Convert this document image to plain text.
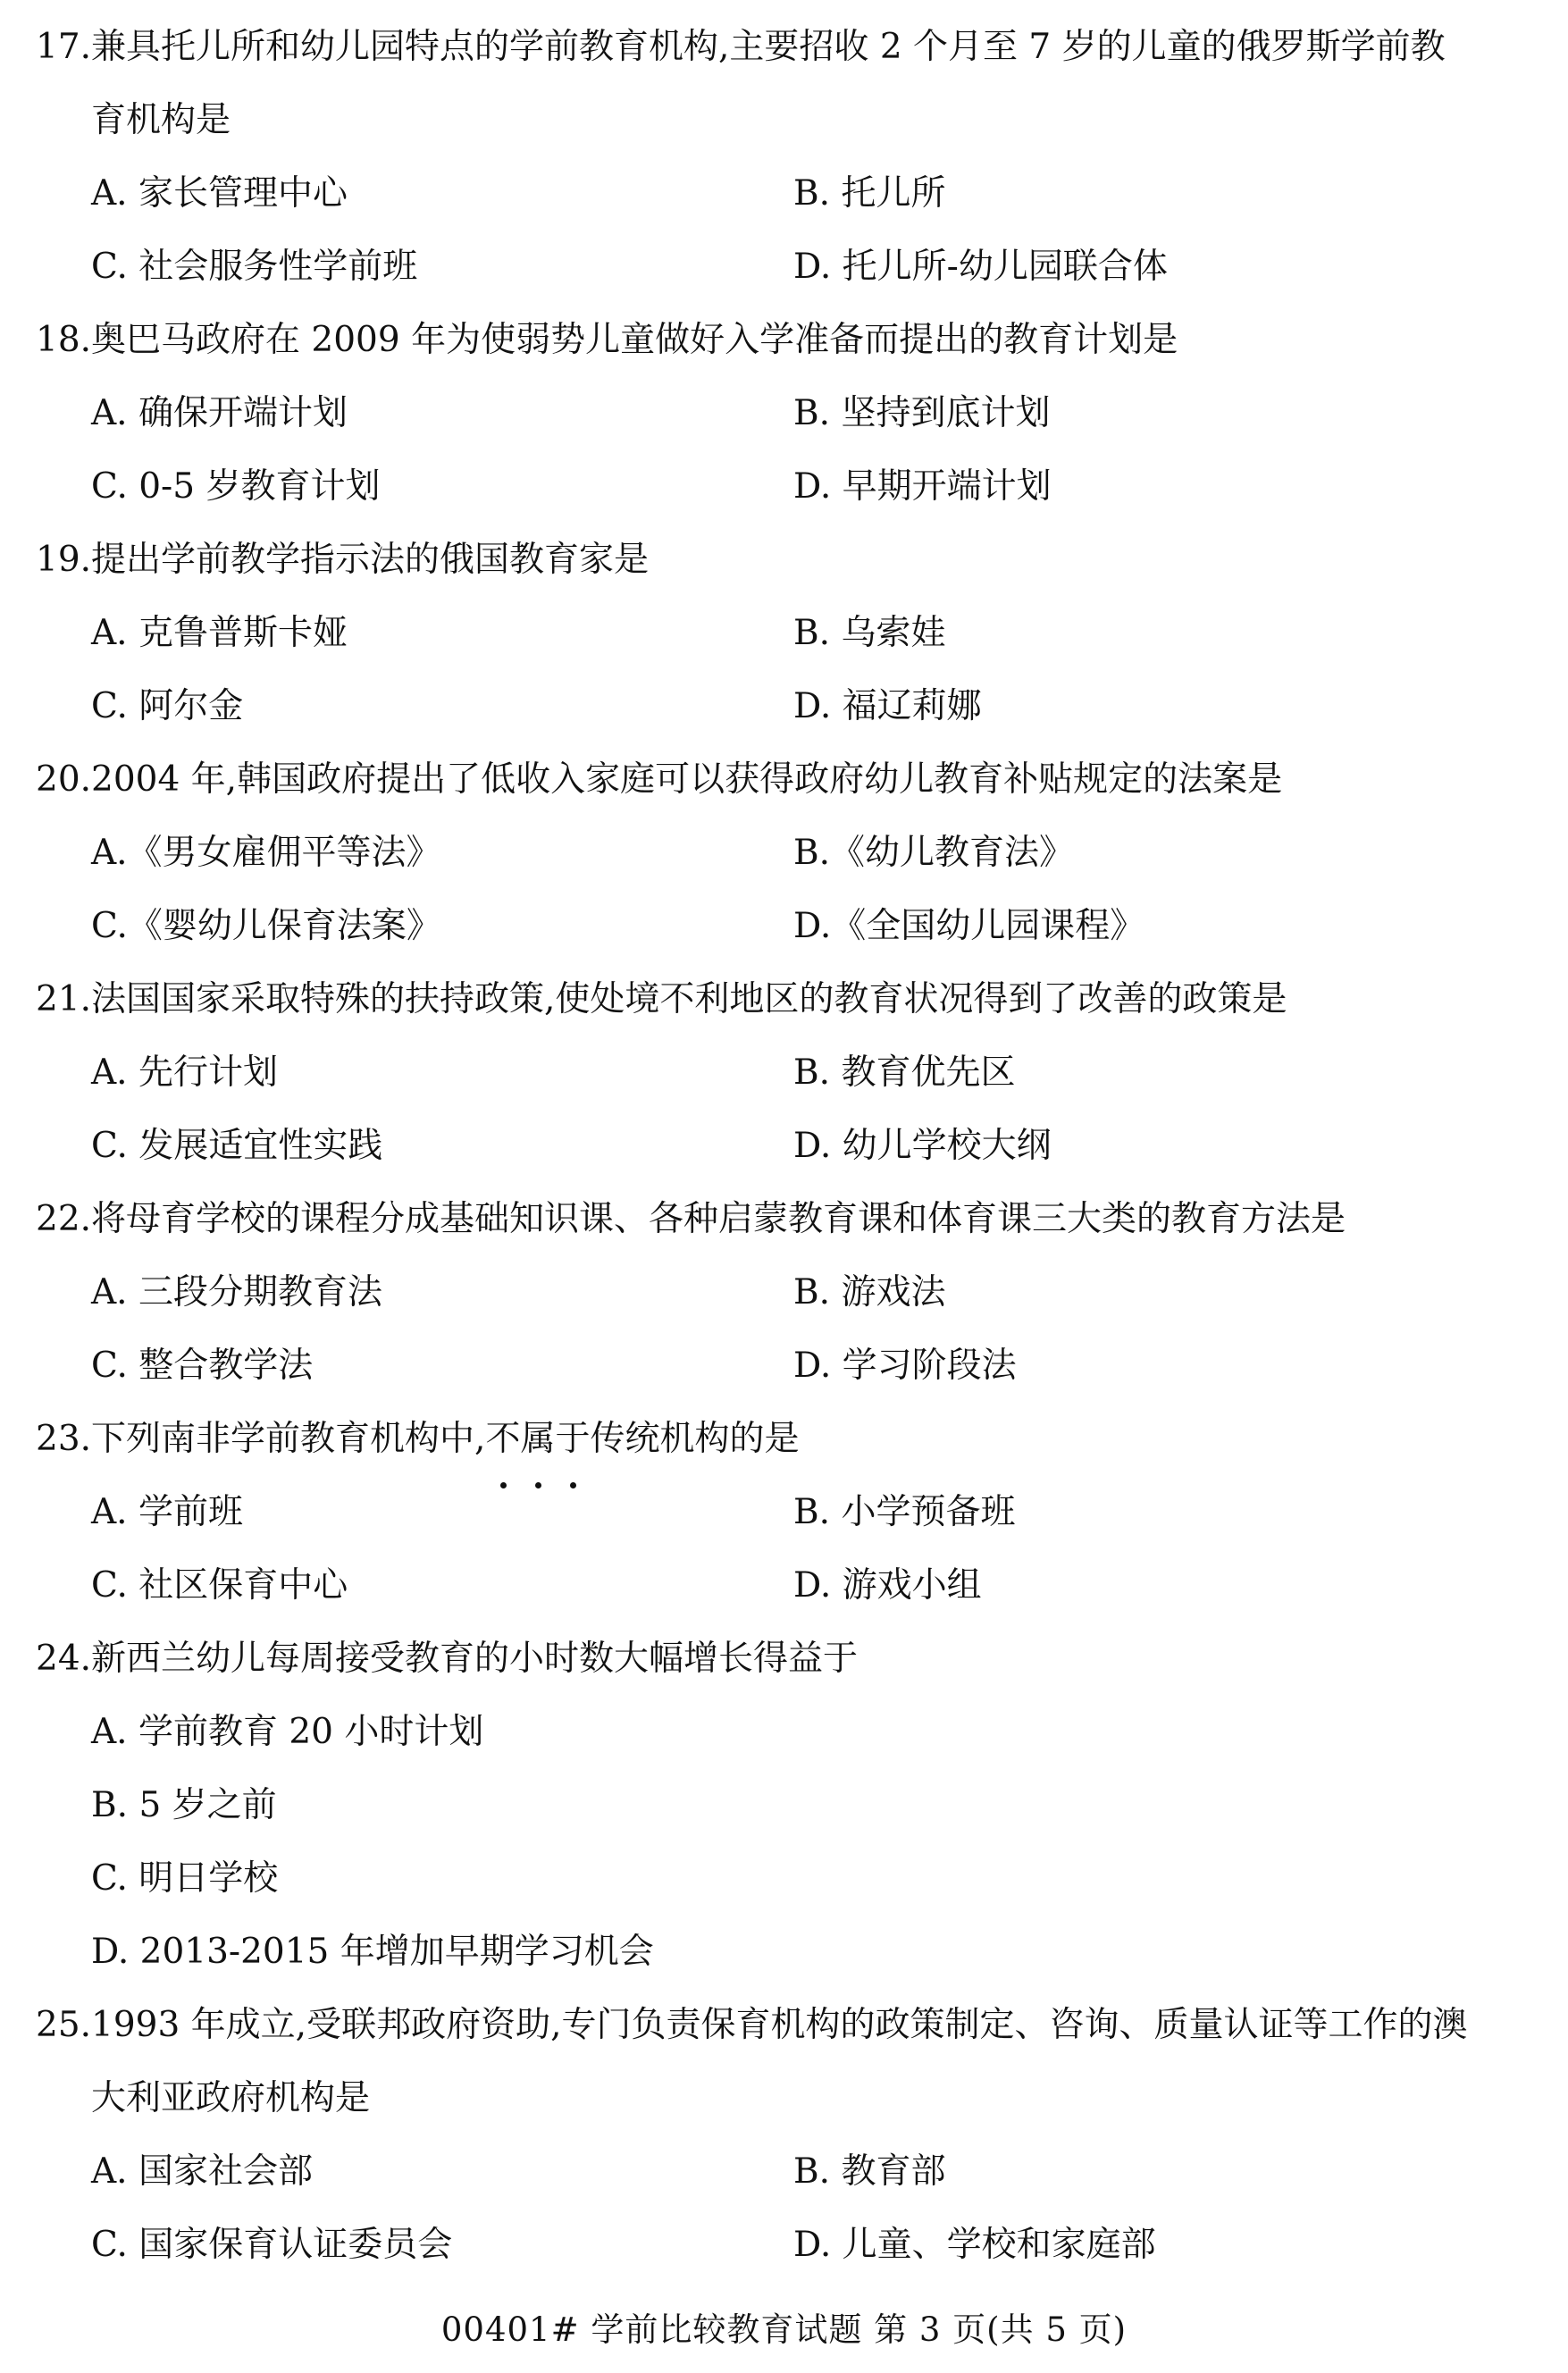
17.兼具托儿所和幼儿园特点的学前教育机构,主要招收 2 个月至 7 岁的儿童的俄罗斯学前教
育机构是
A. 家长管理中心	B. 托儿所
C. 社会服务性学前班	D. 托儿所-幼儿园联合体
18.奥巴马政府在 2009 年为使弱势儿童做好入学准备而提出的教育计划是
A. 确保开端计划	B. 坚持到底计划
C. 0-5 岁教育计划	D. 早期开端计划
19.提出学前教学指示法的俄国教育家是
A. 克鲁普斯卡娅	B. 乌索娃
C. 阿尔金	D. 福辽莉娜
20.2004 年,韩国政府提出了低收入家庭可以获得政府幼儿教育补贴规定的法案是
A.《男女雇佣平等法》	B.《幼儿教育法》
C.《婴幼儿保育法案》	D.《全国幼儿园课程》
21.法国国家采取特殊的扶持政策,使处境不利地区的教育状况得到了改善的政策是
A. 先行计划	B. 教育优先区
C. 发展适宜性实践	D. 幼儿学校大纲
22.将母育学校的课程分成基础知识课、各种启蒙教育课和体育课三大类的教育方法是
A. 三段分期教育法	B. 游戏法
C. 整合教学法	D. 学习阶段法
23.下列南非学前教育机构中,不属于传统机构的是
A. 学前班	B. 小学预备班
C. 社区保育中心	D. 游戏小组
24.新西兰幼儿每周接受教育的小时数大幅增长得益于
A. 学前教育 20 小时计划
B. 5 岁之前
C. 明日学校
D. 2013-2015 年增加早期学习机会
25.1993 年成立,受联邦政府资助,专门负责保育机构的政策制定、咨询、质量认证等工作的澳
大利亚政府机构是
A. 国家社会部	B. 教育部
C. 国家保育认证委员会	D. 儿童、学校和家庭部
00401# 学前比较教育试题 第 3 页(共 5 页)
